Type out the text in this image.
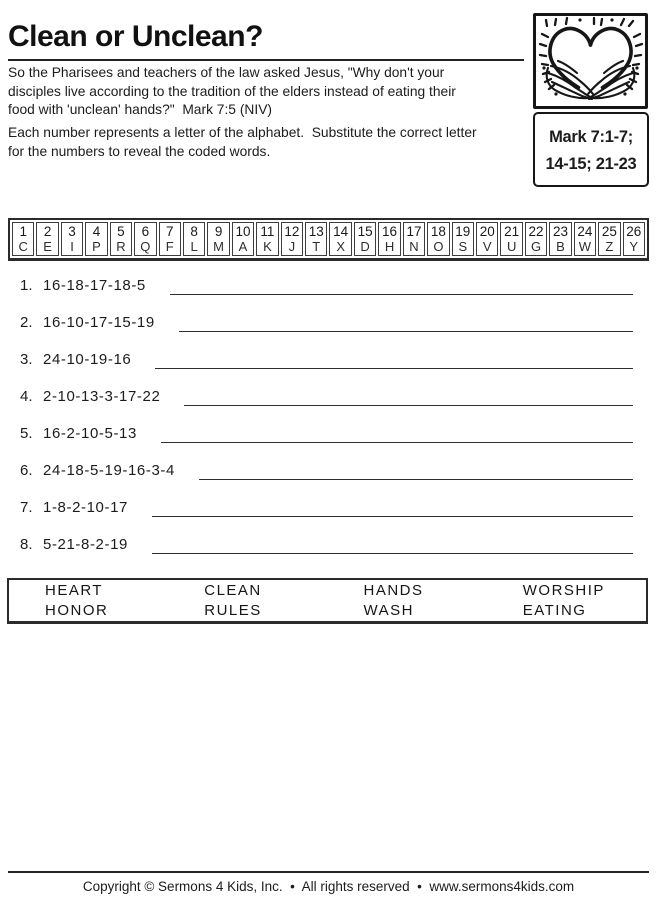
Clean or Unclean?
So the Pharisees and teachers of the law asked Jesus, "Why don't your
disciples live according to the tradition of the elders instead of eating their
food with 'unclean' hands?"  Mark 7:5 (NIV)
Each number represents a letter of the alphabet.  Substitute the correct letter
for the numbers to reveal the coded words.
Mark 7:1-7;
14-15; 21-23
1
C
2
E
3
I
4
P
5
R
6
Q
7
F
8
L
9
M
10
A
11
K
12
J
13
T
14
X
15
D
16
H
17
N
18
O
19
S
20
V
21
U
22
G
23
B
24
W
25
Z
26
Y
1. 16-18-17-18-5
2. 16-10-17-15-19
3. 24-10-19-16
4. 2-10-13-3-17-22
5. 16-2-10-5-13
6. 24-18-5-19-16-3-4
7. 1-8-2-10-17
8. 5-21-8-2-19
HEART	CLEAN	HANDS	WORSHIP
HONOR	RULES	WASH	EATING
Copyright © Sermons 4 Kids, Inc.  •  All rights reserved  •  www.sermons4kids.com
